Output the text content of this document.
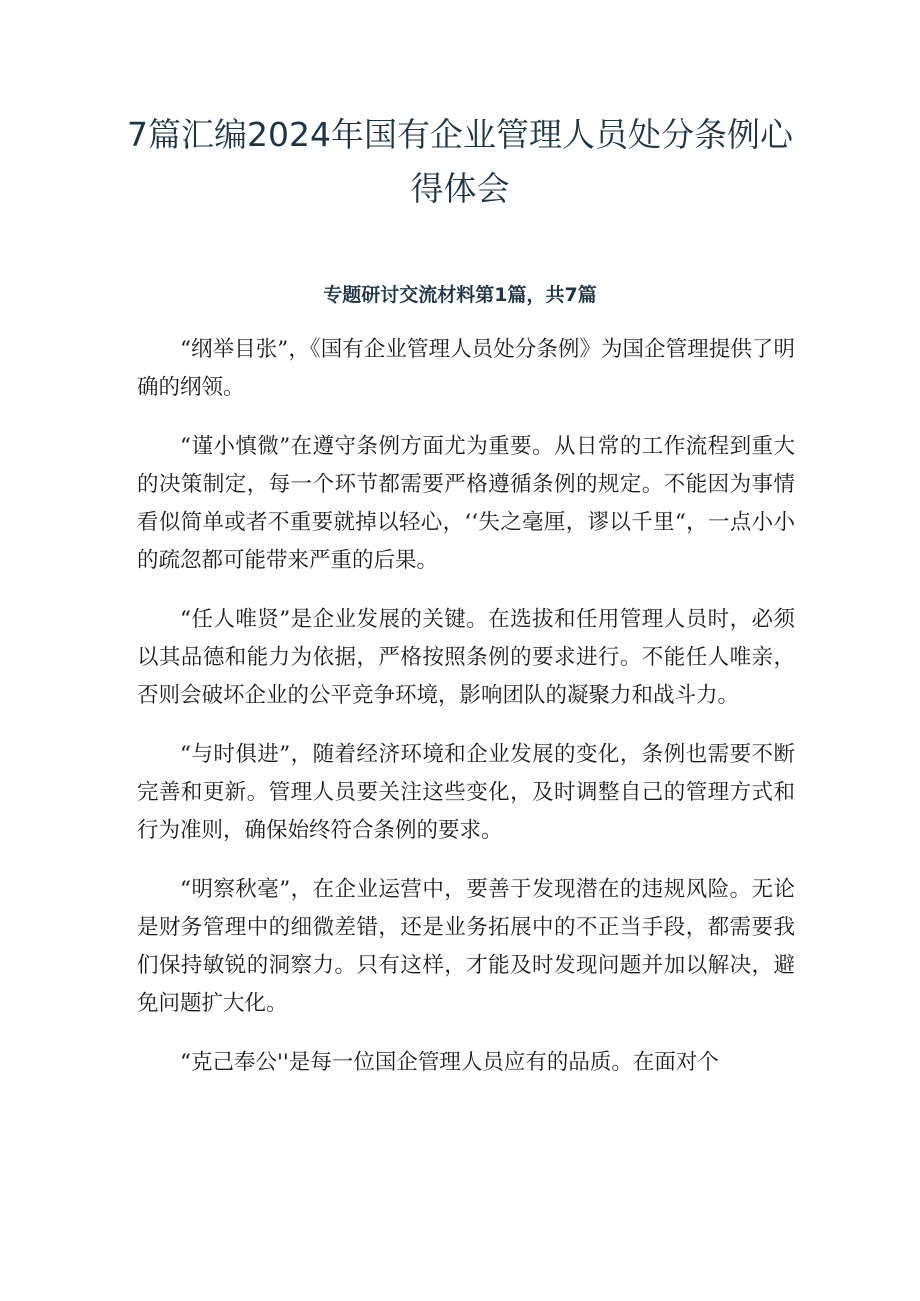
7篇汇编2024年国有企业管理人员处分条例心得体会
专题研讨交流材料第1篇，共7篇

“纲举目张”，《国有企业管理人员处分条例》为国企管理提供了明确的纲领。

“谨小慎微”在遵守条例方面尤为重要。从日常的工作流程到重大的决策制定，每一个环节都需要严格遵循条例的规定。不能因为事情看似简单或者不重要就掉以轻心，‘‘失之毫厘，谬以千里“，一点小小的疏忽都可能带来严重的后果。

“任人唯贤”是企业发展的关键。在选拔和任用管理人员时，必须以其品德和能力为依据，严格按照条例的要求进行。不能任人唯亲，否则会破坏企业的公平竞争环境，影响团队的凝聚力和战斗力。

“与时俱进”，随着经济环境和企业发展的变化，条例也需要不断完善和更新。管理人员要关注这些变化，及时调整自己的管理方式和行为准则，确保始终符合条例的要求。

“明察秋毫”，在企业运营中，要善于发现潜在的违规风险。无论是财务管理中的细微差错，还是业务拓展中的不正当手段，都需要我们保持敏锐的洞察力。只有这样，才能及时发现问题并加以解决，避免问题扩大化。

“克己奉公''是每一位国企管理人员应有的品质。在面对个
